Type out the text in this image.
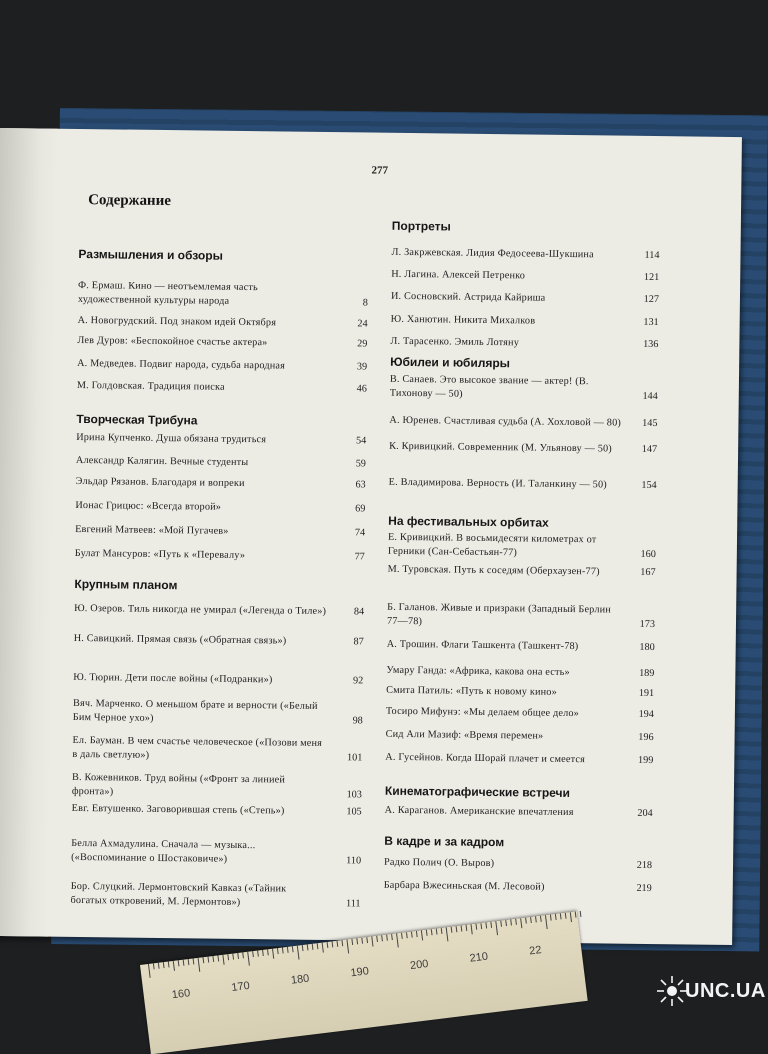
277
Содержание
Размышления и обзоры
Ф. Ермаш. Кино — неотъемлемая часть художественной культуры народа	8
А. Новогрудский. Под знаком идей Октября	24
Лев Дуров: «Беспокойное счастье актера»	29
А. Медведев. Подвиг народа, судьба народная	39
М. Голдовская. Традиция поиска	46
Творческая Трибуна
Ирина Купченко. Душа обязана трудиться	54
Александр Калягин. Вечные студенты	59
Эльдар Рязанов. Благодаря и вопреки	63
Ионас Грицюс: «Всегда второй»	69
Евгений Матвеев: «Мой Пугачев»	74
Булат Мансуров: «Путь к «Перевалу»	77
Крупным планом
Ю. Озеров. Тиль никогда не умирал («Легенда о Тиле»)	84
Н. Савицкий. Прямая связь («Обратная связь»)	87
Ю. Тюрин. Дети после войны («Подранки»)	92
Вяч. Марченко. О меньшом брате и верности («Белый Бим Черное ухо»)	98
Ел. Бауман. В чем счастье человеческое («Позови меня в даль светлую»)	101
В. Кожевников. Труд войны («Фронт за линией фронта»)	103
Евг. Евтушенко. Заговорившая степь («Степь»)	105
Белла Ахмадулина. Сначала — музыка... («Воспоминание о Шостаковиче»)	110
Бор. Слуцкий. Лермонтовский Кавказ («Тайник богатых откровений, М. Лермонтов»)	111
Портреты
Л. Закржевская. Лидия Федосеева-Шукшина	114
Н. Лагина. Алексей Петренко	121
И. Сосновский. Астрида Кайриша	127
Ю. Ханютин. Никита Михалков	131
Л. Тарасенко. Эмиль Лотяну	136
Юбилеи и юбиляры
В. Санаев. Это высокое звание — актер! (В. Тихонову — 50)	144
А. Юренев. Счастливая судьба (А. Хохловой — 80)	145
К. Кривицкий. Современник (М. Ульянову — 50)	147
Е. Владимирова. Верность (И. Таланкину — 50)	154
На фестивальных орбитах
Е. Кривицкий. В восьмидесяти километрах от Герники (Сан-Себастьян-77)	160
М. Туровская. Путь к соседям (Оберхаузен-77)	167
Б. Галанов. Живые и призраки (Западный Берлин 77—78)	173
А. Трошин. Флаги Ташкента (Ташкент-78)	180
Умару Ганда: «Африка, какова она есть»	189
Смита Патиль: «Путь к новому кино»	191
Тосиро Мифунэ: «Мы делаем общее дело»	194
Сид Али Мазиф: «Время перемен»	196
А. Гусейнов. Когда Шорай плачет и смеется	199
Кинематографические встречи
А. Караганов. Американские впечатления	204
В кадре и за кадром
Радко Полич (О. Выров)	218
Барбара Вжесиньская (М. Лесовой)	219
160
170
180
190
200
210	22
UNC.UA
